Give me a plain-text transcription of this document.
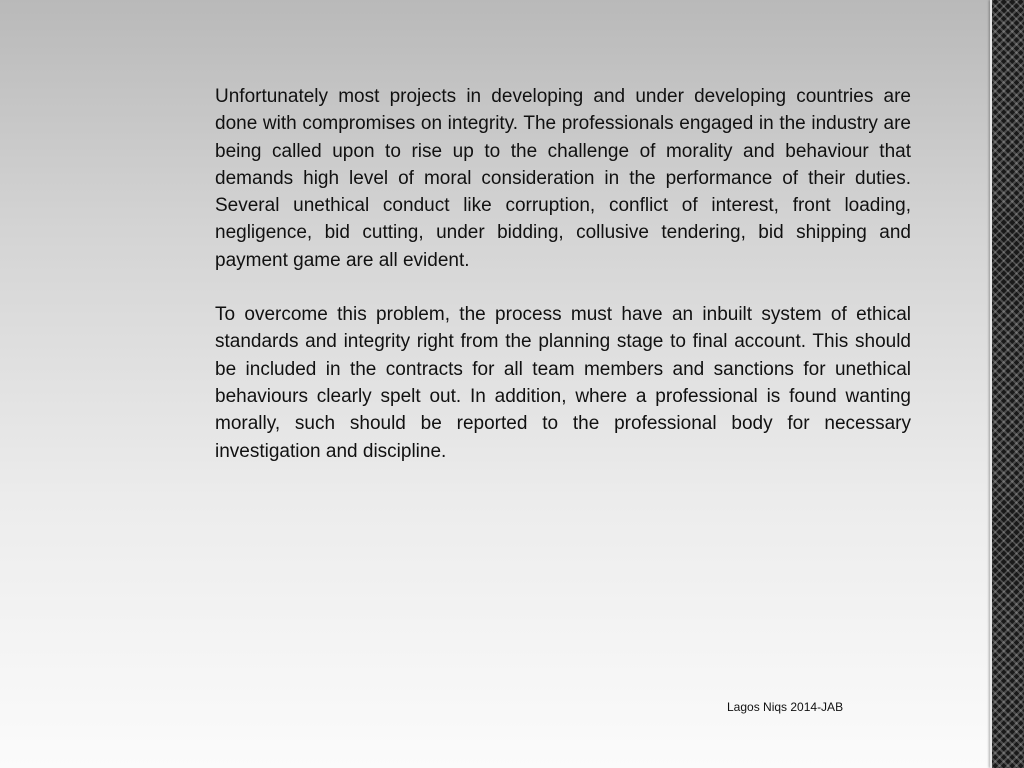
Unfortunately most projects in developing and under developing countries are done with compromises on integrity. The professionals engaged in the industry are being called upon to rise up to the challenge of morality and behaviour that demands high level of moral consideration in the performance of their duties. Several unethical conduct like corruption, conflict of interest, front loading, negligence, bid cutting, under bidding, collusive tendering, bid shipping and payment game are all evident.

To overcome this problem, the process must have an inbuilt system of ethical standards and integrity right from the planning stage to final account. This should be included in the contracts for all team members and sanctions for unethical behaviours clearly spelt out. In addition, where a professional is found wanting morally, such should be reported to the professional body for necessary investigation and discipline.

Lagos Niqs 2014-JAB
